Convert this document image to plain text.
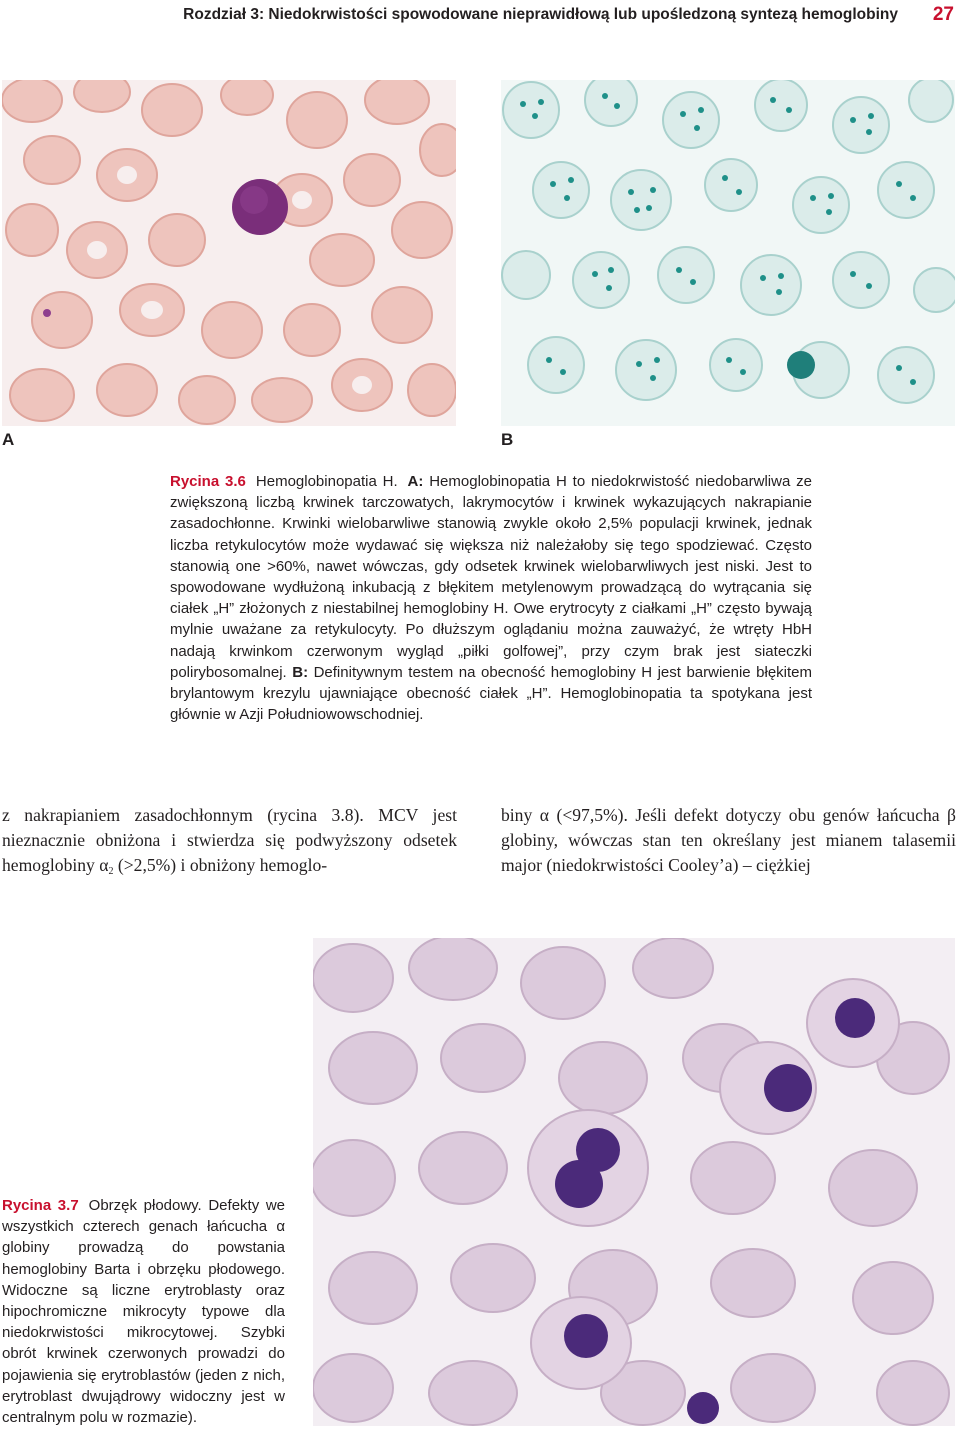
Rozdział 3: Niedokrwistości spowodowane nieprawidłową lub upośledzoną syntezą hemoglobiny 27
A	B
Rycina 3.6 Hemoglobinopatia H. A: Hemoglobinopatia H to niedokrwistość niedobarwliwa ze zwiększoną liczbą krwinek tarczowatych, lakrymocytów i krwinek wykazujących nakrapianie zasadochłonne. Krwinki wielobarwliwe stanowią zwykle około 2,5% populacji krwinek, jednak liczba retykulocytów może wydawać się większa niż należałoby się tego spodziewać. Często stanowią one >60%, nawet wówczas, gdy odsetek krwinek wielobarwliwych jest niski. Jest to spowodowane wydłużoną inkubacją z błękitem metylenowym prowadzącą do wytrącania się ciałek „H” złożonych z niestabilnej hemoglobiny H. Owe erytrocyty z ciałkami „H” często bywają mylnie uważane za retykulocyty. Po dłuższym oglądaniu można zauważyć, że wtręty HbH nadają krwinkom czerwonym wygląd „piłki golfowej”, przy czym brak jest siateczki polirybosomalnej. B: Definitywnym testem na obecność hemoglobiny H jest barwienie błękitem brylantowym krezylu ujawniające obecność ciałek „H”. Hemoglobinopatia ta spotykana jest głównie w Azji Południowowschodniej.
z nakrapianiem zasadochłonnym (rycina 3.8). MCV jest nieznacznie obniżona i stwierdza się podwyższony odsetek hemoglobiny $\alpha_2$ (>2,5%) i obniżony hemoglo-
biny α (<97,5%). Jeśli defekt dotyczy obu genów łańcucha β globiny, wówczas stan ten określany jest mianem talasemii major (niedokrwistości Cooley’a) – ciężkiej
Rycina 3.7 Obrzęk płodowy. Defekty we wszystkich czterech genach łańcucha α globiny prowadzą do powstania hemoglobiny Barta i obrzęku płodowego. Widoczne są liczne erytroblasty oraz hipochromiczne mikrocyty typowe dla niedokrwistości mikrocytowej. Szybki obrót krwinek czerwonych prowadzi do pojawienia się erytroblastów (jeden z nich, erytroblast dwujądrowy widoczny jest w centralnym polu w rozmazie).
